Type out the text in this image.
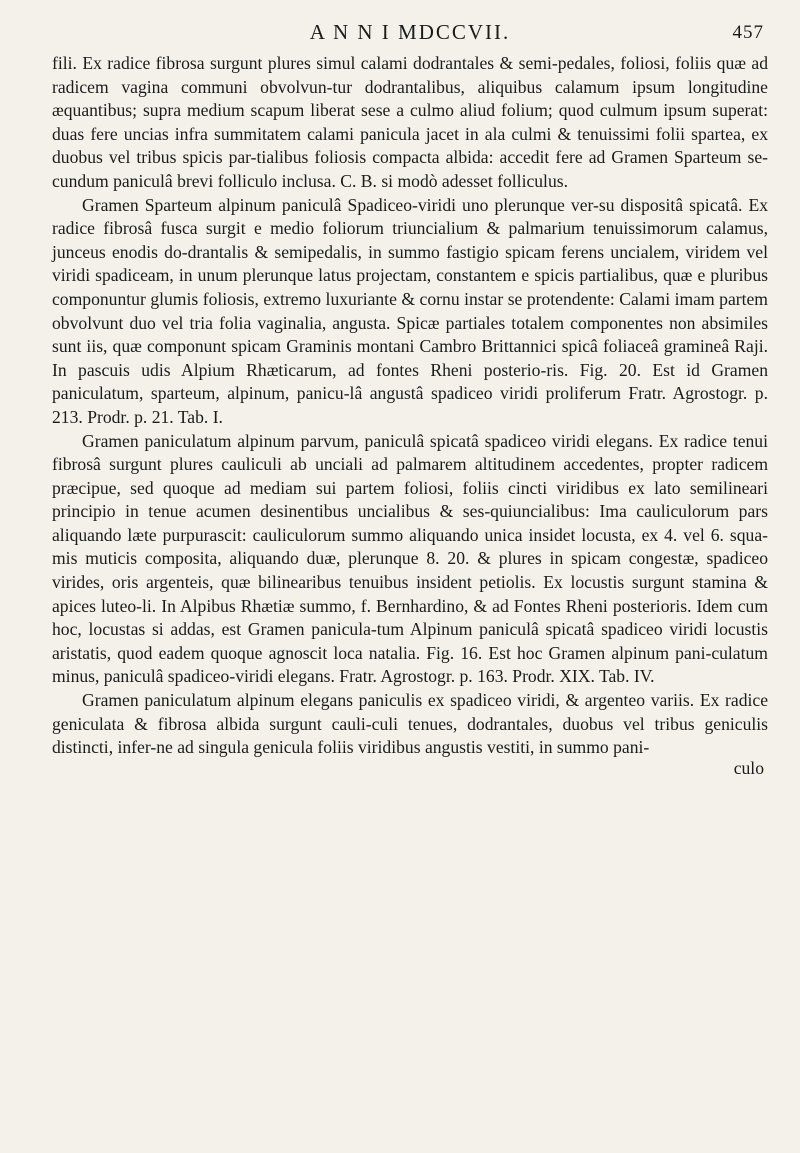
A N N I MDCCVII.	457

fili. Ex radice fibrosa surgunt plures simul calami dodrantales & semi-pedales, foliosi, foliis quæ ad radicem vagina communi obvolvun-tur dodrantalibus, aliquibus calamum ipsum longitudine æquantibus; supra medium scapum liberat sese a culmo aliud folium; quod culmum ipsum superat: duas fere uncias infra summitatem calami panicula jacet in ala culmi & tenuissimi folii spartea, ex duobus vel tribus spicis par-tialibus foliosis compacta albida: accedit fere ad Gramen Sparteum se-cundum paniculâ brevi folliculo inclusa. C. B. si modò adesset folliculus.

Gramen Sparteum alpinum paniculâ Spadiceo-viridi uno plerunque ver-su dispositâ spicatâ. Ex radice fibrosâ fusca surgit e medio foliorum triuncialium & palmarium tenuissimorum calamus, junceus enodis do-drantalis & semipedalis, in summo fastigio spicam ferens uncialem, viridem vel viridi spadiceam, in unum plerunque latus projectam, constantem e spicis partialibus, quæ e pluribus componuntur glumis foliosis, extremo luxuriante & cornu instar se protendente: Calami imam partem obvolvunt duo vel tria folia vaginalia, angusta. Spicæ partiales totalem componentes non absimiles sunt iis, quæ componunt spicam Graminis montani Cambro Brittannici spicâ foliaceâ gramineâ Raji. In pascuis udis Alpium Rhæticarum, ad fontes Rheni posterio-ris. Fig. 20. Est id Gramen paniculatum, sparteum, alpinum, panicu-lâ angustâ spadiceo viridi proliferum Fratr. Agrostogr. p. 213. Prodr. p. 21. Tab. I.

Gramen paniculatum alpinum parvum, paniculâ spicatâ spadiceo viridi elegans. Ex radice tenui fibrosâ surgunt plures cauliculi ab unciali ad palmarem altitudinem accedentes, propter radicem præcipue, sed quoque ad mediam sui partem foliosi, foliis cincti viridibus ex lato semilineari principio in tenue acumen desinentibus uncialibus & ses-quiuncialibus: Ima cauliculorum pars aliquando læte purpurascit: cauliculorum summo aliquando unica insidet locusta, ex 4. vel 6. squa-mis muticis composita, aliquando duæ, plerunque 8. 20. & plures in spicam congestæ, spadiceo virides, oris argenteis, quæ bilinearibus tenuibus insident petiolis. Ex locustis surgunt stamina & apices luteo-li. In Alpibus Rhætiæ summo, f. Bernhardino, & ad Fontes Rheni posterioris. Idem cum hoc, locustas si addas, est Gramen panicula-tum Alpinum paniculâ spicatâ spadiceo viridi locustis aristatis, quod eadem quoque agnoscit loca natalia. Fig. 16. Est hoc Gramen alpinum pani-culatum minus, paniculâ spadiceo-viridi elegans. Fratr. Agrostogr. p. 163. Prodr. XIX. Tab. IV.

Gramen paniculatum alpinum elegans paniculis ex spadiceo viridi, & argenteo variis. Ex radice geniculata & fibrosa albida surgunt cauli-culi tenues, dodrantales, duobus vel tribus geniculis distincti, infer-ne ad singula genicula foliis viridibus angustis vestiti, in summo pani-

culo
